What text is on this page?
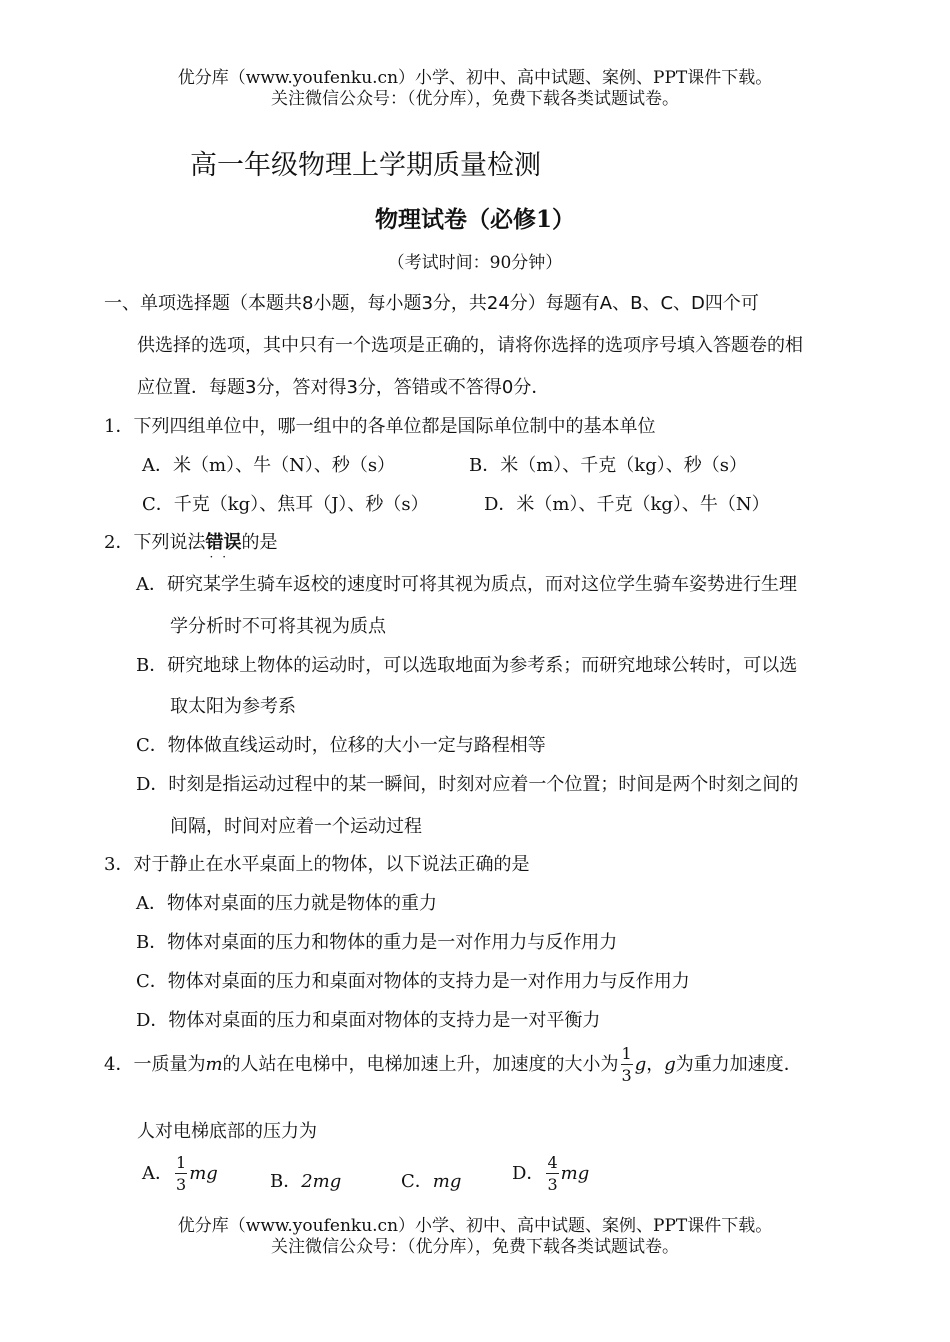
优分库（www.youfenku.cn）小学、初中、高中试题、案例、PPT课件下载。
关注微信公众号：（优分库），免费下载各类试题试卷。
高一年级物理上学期质量检测
物理试卷（必修1）
（考试时间：90分钟）
一、单项选择题（本题共8小题，每小题3分，共24分）每题有A、B、C、D四个可
供选择的选项，其中只有一个选项是正确的，请将你选择的选项序号填入答题卷的相
应位置．每题3分，答对得3分，答错或不答得0分．
1．下列四组单位中，哪一组中的各单位都是国际单位制中的基本单位
A．米（m）、牛（N）、秒（s）	B．米（m）、千克（kg）、秒（s）
C．千克（kg）、焦耳（J）、秒（s）	D．米（m）、千克（kg）、牛（N）
2．下列说法错误
··
的是
A．研究某学生骑车返校的速度时可将其视为质点，而对这位学生骑车姿势进行生理
学分析时不可将其视为质点
B．研究地球上物体的运动时，可以选取地面为参考系；而研究地球公转时，可以选
取太阳为参考系
C．物体做直线运动时，位移的大小一定与路程相等
D．时刻是指运动过程中的某一瞬间，时刻对应着一个位置；时间是两个时刻之间的
间隔，时间对应着一个运动过程
3．对于静止在水平桌面上的物体，以下说法正确的是
A．物体对桌面的压力就是物体的重力
B．物体对桌面的压力和物体的重力是一对作用力与反作用力
C．物体对桌面的压力和桌面对物体的支持力是一对作用力与反作用力
D．物体对桌面的压力和桌面对物体的支持力是一对平衡力
4．一质量为m的人站在电梯中，电梯加速上升，加速度的大小为 $\frac{1}{3}$ g，g为重力加速度．
人对电梯底部的压力为
A． $\frac{1}{3}$ mg	B．2mg	C．mg	D． $\frac{4}{3}$ mg
优分库（www.youfenku.cn）小学、初中、高中试题、案例、PPT课件下载。
关注微信公众号：（优分库），免费下载各类试题试卷。
